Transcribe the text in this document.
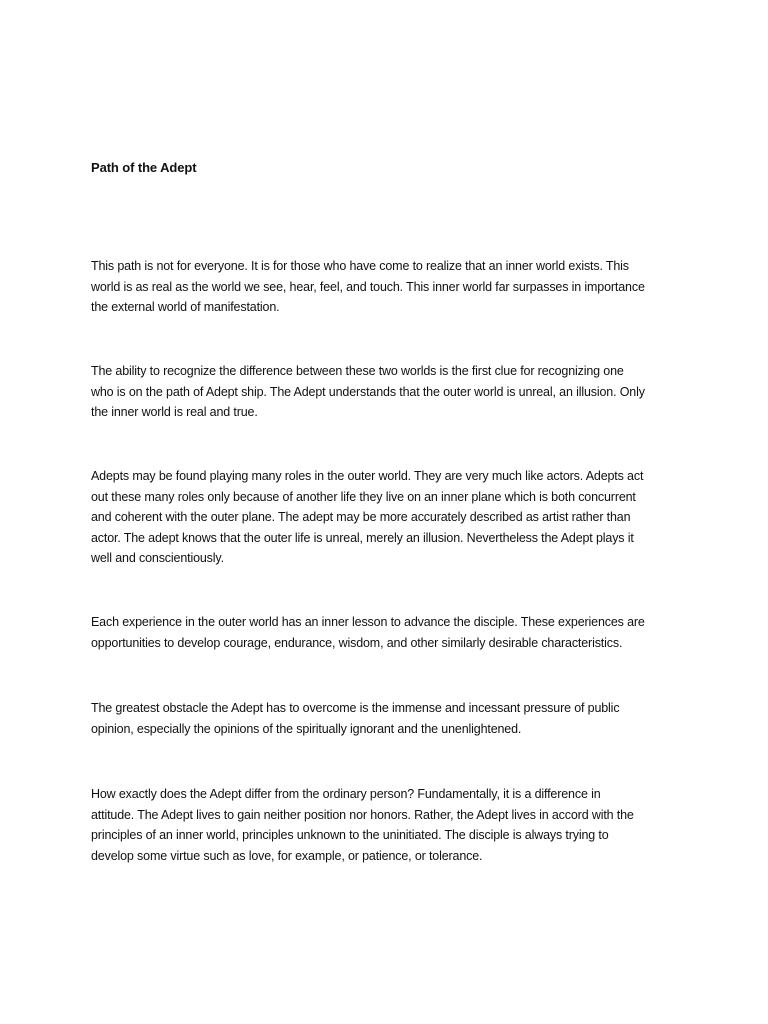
Path of the Adept

This path is not for everyone. It is for those who have come to realize that an inner world exists. This
world is as real as the world we see, hear, feel, and touch. This inner world far surpasses in importance
the external world of manifestation.

The ability to recognize the difference between these two worlds is the first clue for recognizing one
who is on the path of Adept ship. The Adept understands that the outer world is unreal, an illusion. Only
the inner world is real and true.

Adepts may be found playing many roles in the outer world. They are very much like actors. Adepts act
out these many roles only because of another life they live on an inner plane which is both concurrent
and coherent with the outer plane. The adept may be more accurately described as artist rather than
actor. The adept knows that the outer life is unreal, merely an illusion. Nevertheless the Adept plays it
well and conscientiously.

Each experience in the outer world has an inner lesson to advance the disciple. These experiences are
opportunities to develop courage, endurance, wisdom, and other similarly desirable characteristics.

The greatest obstacle the Adept has to overcome is the immense and incessant pressure of public
opinion, especially the opinions of the spiritually ignorant and the unenlightened.

How exactly does the Adept differ from the ordinary person? Fundamentally, it is a difference in
attitude. The Adept lives to gain neither position nor honors. Rather, the Adept lives in accord with the
principles of an inner world, principles unknown to the uninitiated. The disciple is always trying to
develop some virtue such as love, for example, or patience, or tolerance.
